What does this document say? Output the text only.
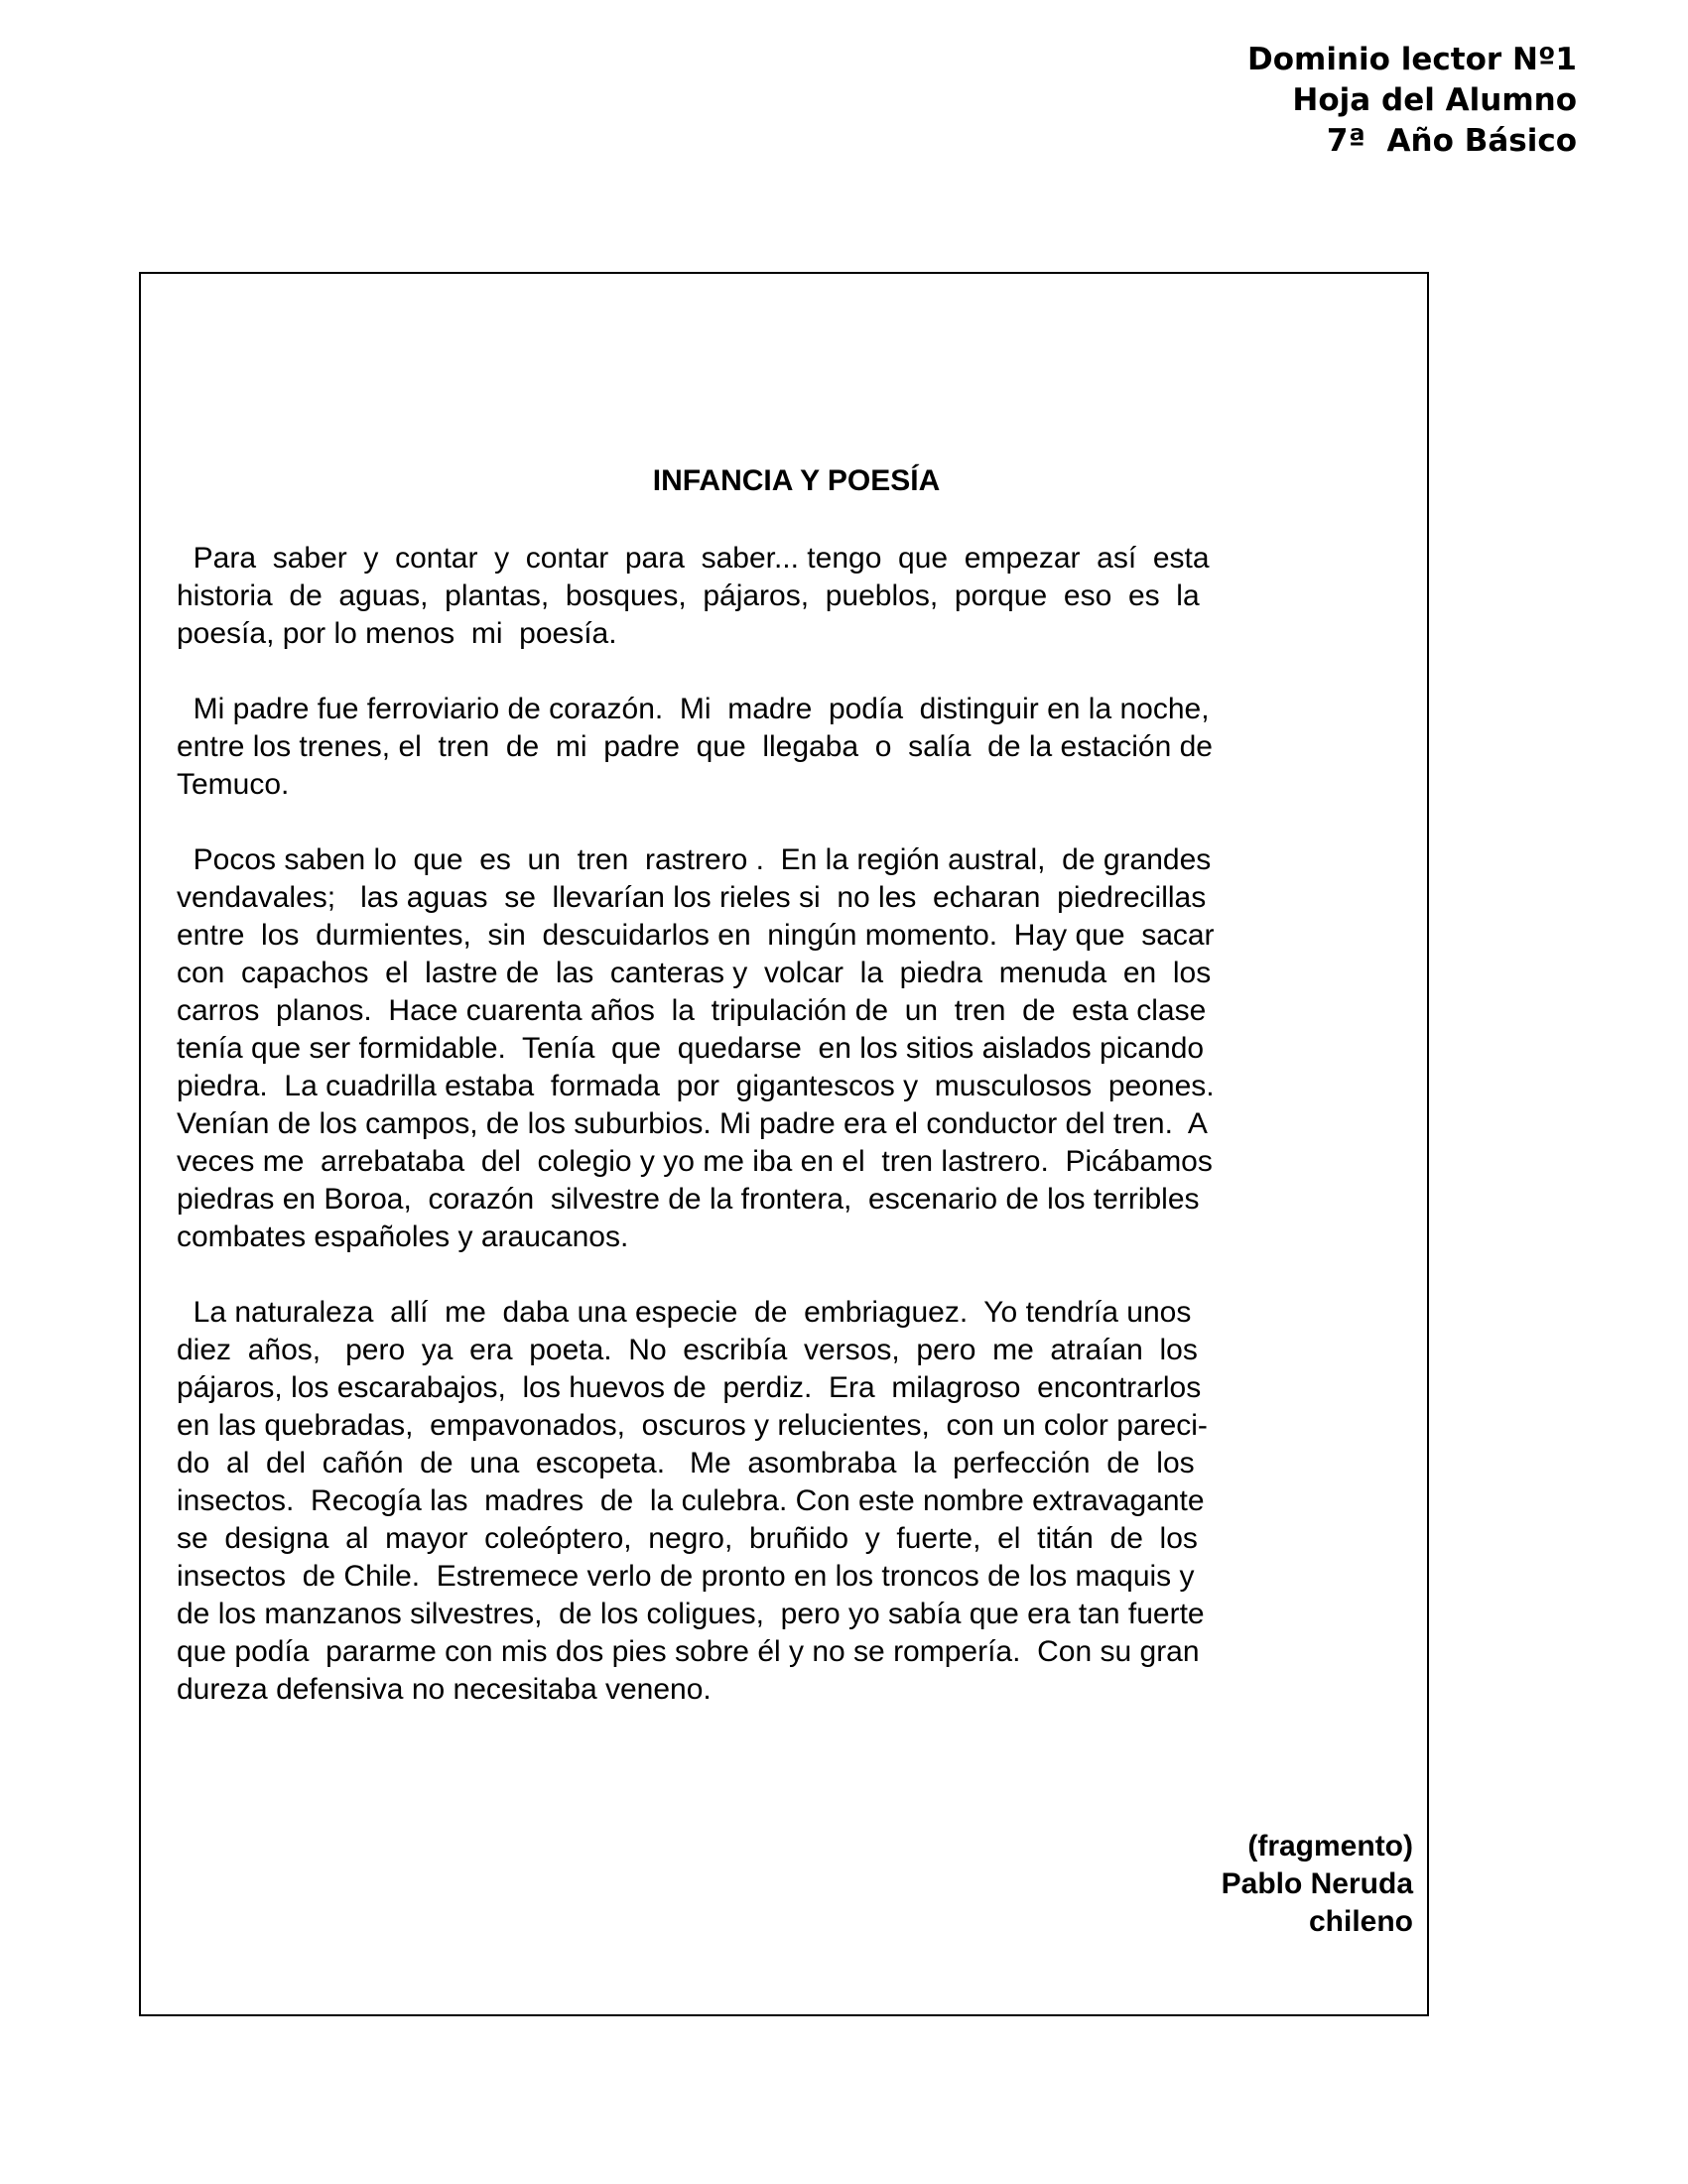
Dominio lector Nº1
Hoja del Alumno
7ª  Año Básico
INFANCIA Y POESÍA
Para  saber  y  contar  y  contar  para  saber... tengo  que  empezar  así  esta
historia  de  aguas,  plantas,  bosques,  pájaros,  pueblos,  porque  eso  es  la
poesía, por lo menos  mi  poesía.
Mi padre fue ferroviario de corazón.  Mi  madre  podía  distinguir en la noche,
entre los trenes, el  tren  de  mi  padre  que  llegaba  o  salía  de la estación de
Temuco.
Pocos saben lo  que  es  un  tren  rastrero .  En la región austral,  de grandes
vendavales;   las aguas  se  llevarían los rieles si  no les  echaran  piedrecillas
entre  los  durmientes,  sin  descuidarlos en  ningún momento.  Hay que  sacar
con  capachos  el  lastre de  las  canteras y  volcar  la  piedra  menuda  en  los
carros  planos.  Hace cuarenta años  la  tripulación de  un  tren  de  esta clase
tenía que ser formidable.  Tenía  que  quedarse  en los sitios aislados picando
piedra.  La cuadrilla estaba  formada  por  gigantescos y  musculosos  peones.
Venían de los campos, de los suburbios. Mi padre era el conductor del tren.  A
veces me  arrebataba  del  colegio y yo me iba en el  tren lastrero.  Picábamos
piedras en Boroa,  corazón  silvestre de la frontera,  escenario de los terribles
combates españoles y araucanos.
La naturaleza  allí  me  daba una especie  de  embriaguez.  Yo tendría unos
diez  años,   pero  ya  era  poeta.  No  escribía  versos,  pero  me  atraían  los
pájaros, los escarabajos,  los huevos de  perdiz.  Era  milagroso  encontrarlos
en las quebradas,  empavonados,  oscuros y relucientes,  con un color pareci-
do  al  del  cañón  de  una  escopeta.   Me  asombraba  la  perfección  de  los
insectos.  Recogía las  madres  de  la culebra. Con este nombre extravagante
se  designa  al  mayor  coleóptero,  negro,  bruñido  y  fuerte,  el  titán  de  los
insectos  de Chile.  Estremece verlo de pronto en los troncos de los maquis y
de los manzanos silvestres,  de los coligues,  pero yo sabía que era tan fuerte
que podía  pararme con mis dos pies sobre él y no se rompería.  Con su gran
dureza defensiva no necesitaba veneno.
(fragmento)
Pablo Neruda
chileno
